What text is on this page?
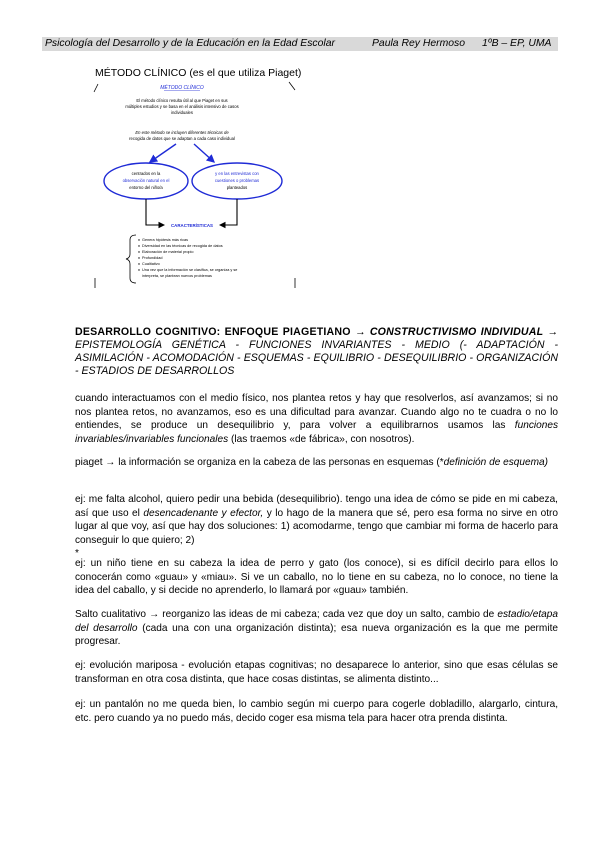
Psicología del Desarrollo y de la Educación en la Edad Escolar	Paula Rey Hermoso 1ºB – EP, UMA
MÉTODO CLÍNICO (es el que utiliza Piaget)
MÉTODO CLÍNICO
El método clínico resulta útil al que Piaget en sus
múltiples estudios y se basa en el análisis intensivo de casos
individuales
En este método se incluyen diferentes técnicas de
recogida de datos que se adaptan a cada caso individual
centrados en la
observación natural en el
entorno del niño/a
y en las entrevistas con
cuestiones o problemas
planteados
CARACTERÍSTICAS
Genera hipótesis más ricas
Diversidad en las técnicas de recogida de datos
Elaboración de material propio
Profundidad
Cualitativo
Una vez que la información se clasifica, se organiza y se
interpreta, se plantean nuevos problemas
DESARROLLO COGNITIVO: ENFOQUE PIAGETIANO → CONSTRUCTIVISMO INDIVIDUAL → EPISTEMOLOGÍA GENÉTICA - FUNCIONES INVARIANTES - MEDIO (- ADAPTACIÓN - ASIMILACIÓN - ACOMODACIÓN - ESQUEMAS - EQUILIBRIO - DESEQUILIBRIO - ORGANIZACIÓN - ESTADIOS DE DESARROLLOS
cuando interactuamos con el medio físico, nos plantea retos y hay que resolverlos, así avanzamos; si no nos plantea retos, no avanzamos, eso es una dificultad para avanzar. Cuando algo no te cuadra o no lo entiendes, se produce un desequilibrio y, para volver a equilibrarnos usamos las funciones invariables/invariables funcionales (las traemos «de fábrica», con nosotros).
piaget → la información se organiza en la cabeza de las personas en esquemas (*definición de esquema)
ej: me falta alcohol, quiero pedir una bebida (desequilibrio). tengo una idea de cómo se pide en mi cabeza, así que uso el desencadenante y efector, y lo hago de la manera que sé, pero esa forma no sirve en otro lugar al que voy, así que hay dos soluciones: 1) acomodarme, tengo que cambiar mi forma de hacerlo para conseguir lo que quiero; 2)
*
ej: un niño tiene en su cabeza la idea de perro y gato (los conoce), si es difícil decirlo para ellos lo conocerán como «guau» y «miau». Si ve un caballo, no lo tiene en su cabeza, no lo conoce, no tiene la idea del caballo, y si decide no aprenderlo, lo llamará por «guau» también.
Salto cualitativo → reorganizo las ideas de mi cabeza; cada vez que doy un salto, cambio de estadio/etapa del desarrollo (cada una con una organización distinta); esa nueva organización es la que me permite progresar.
ej: evolución mariposa - evolución etapas cognitivas; no desaparece lo anterior, sino que esas células se transforman en otra cosa distinta, que hace cosas distintas, se alimenta distinto...
ej: un pantalón no me queda bien, lo cambio según mi cuerpo para cogerle dobladillo, alargarlo, cintura, etc. pero cuando ya no puedo más, decido coger esa misma tela para hacer otra prenda distinta.
